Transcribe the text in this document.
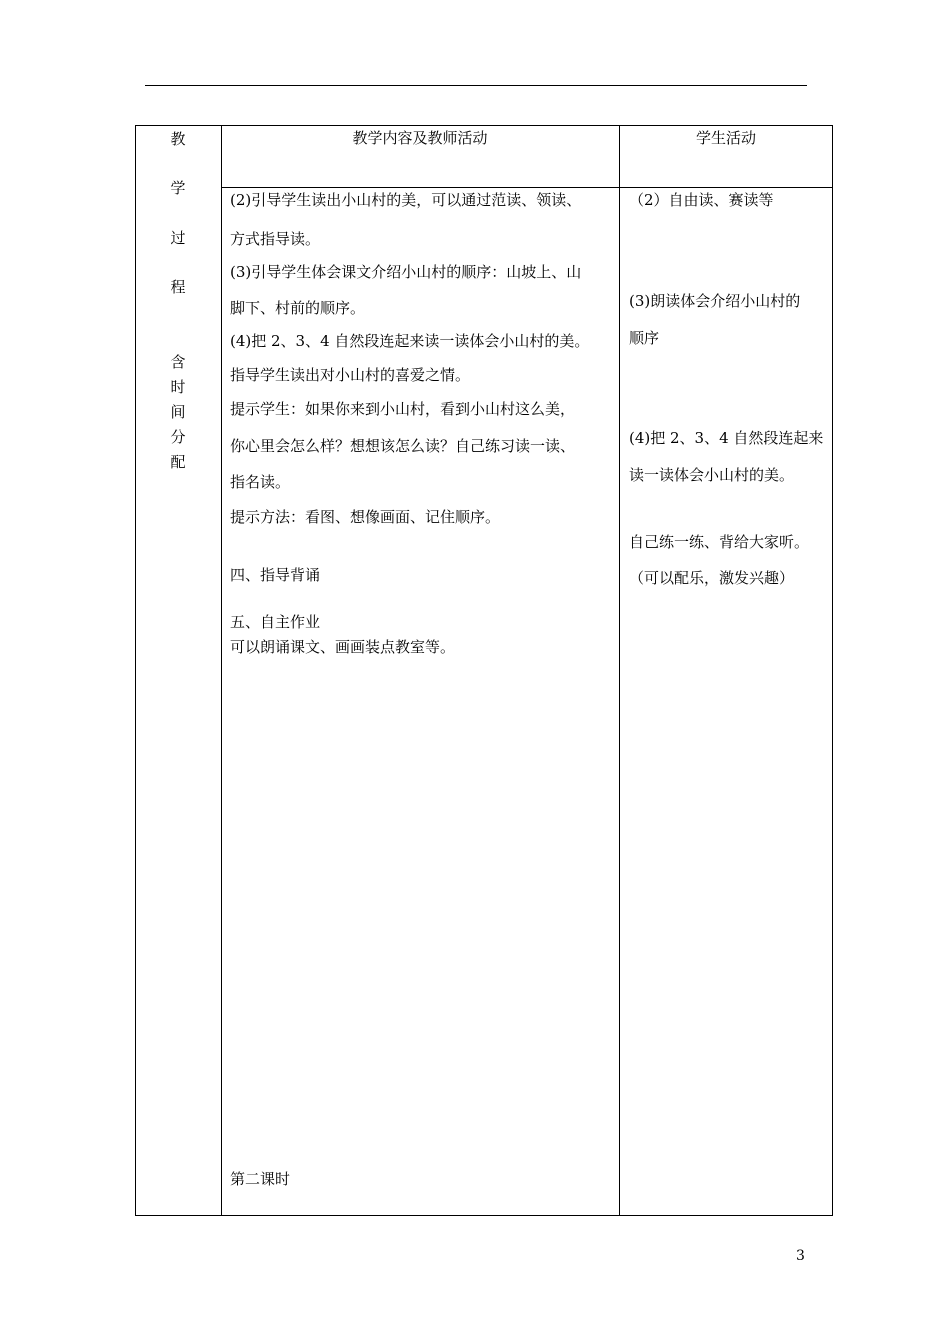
教
学
过
程
含
时
间
分
配
教学内容及教师活动	学生活动
(2)引导学生读出小山村的美，可以通过范读、领读、
方式指导读。
(3)引导学生体会课文介绍小山村的顺序：山坡上、山
脚下、村前的顺序。
(4)把 2、3、4 自然段连起来读一读体会小山村的美。
指导学生读出对小山村的喜爱之情。
提示学生：如果你来到小山村，看到小山村这么美，
你心里会怎么样？想想该怎么读？自己练习读一读、
指名读。
提示方法：看图、想像画面、记住顺序。
四、指导背诵
五、自主作业
可以朗诵课文、画画装点教室等。
第二课时
（2）自由读、赛读等
(3)朗读体会介绍小山村的
顺序
(4)把 2、3、4 自然段连起来
读一读体会小山村的美。
自己练一练、背给大家听。
（可以配乐，激发兴趣）
3
